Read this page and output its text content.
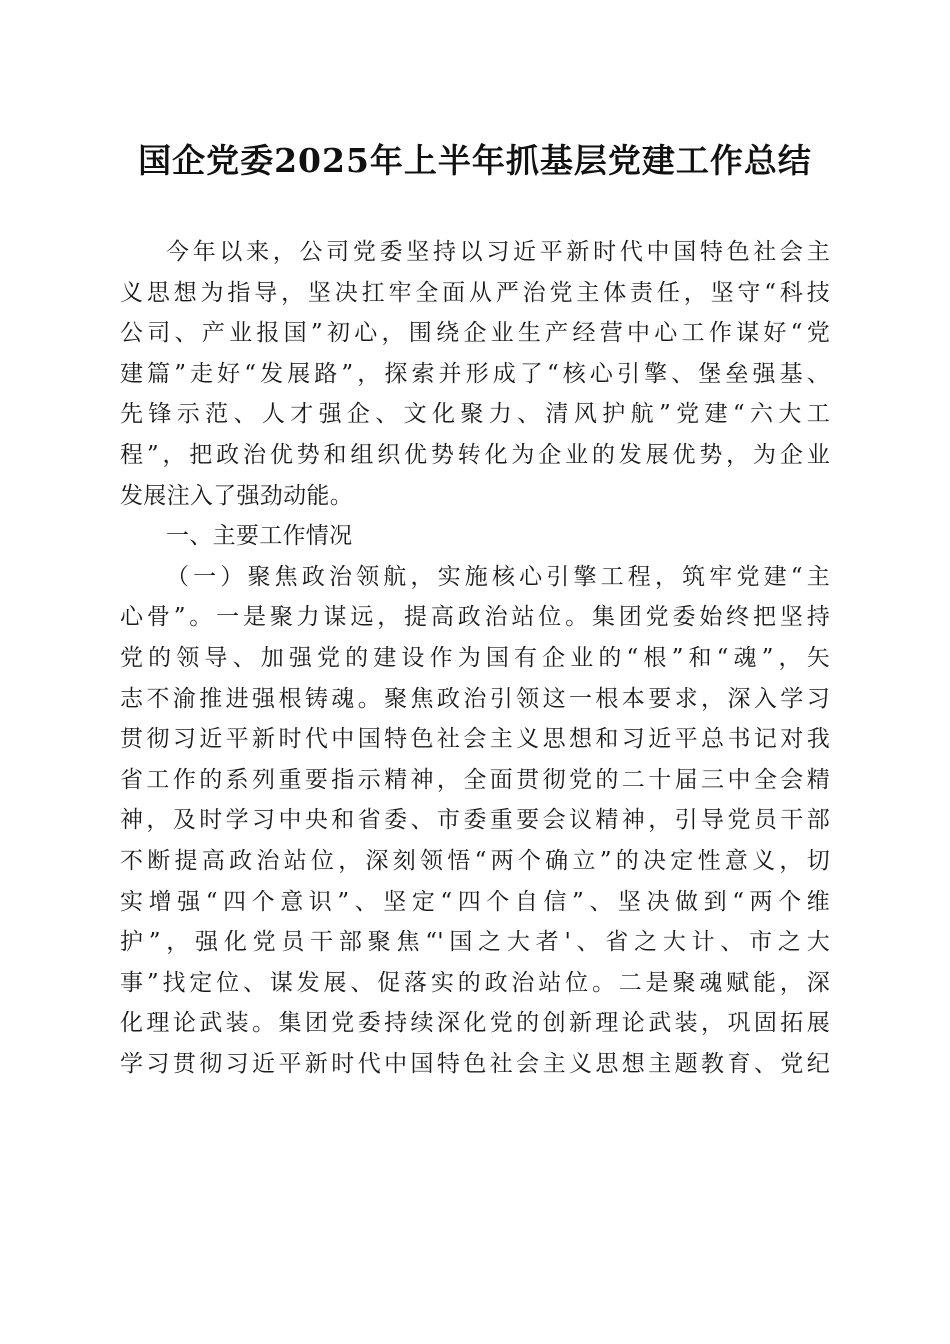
国企党委2025年上半年抓基层党建工作总结
今年以来，公司党委坚持以习近平新时代中国特色社会主
义思想为指导，坚决扛牢全面从严治党主体责任，坚守“科技
公司、产业报国”初心，围绕企业生产经营中心工作谋好“党
建篇”走好“发展路”，探索并形成了“核心引擎、堡垒强基、
先锋示范、人才强企、文化聚力、清风护航”党建“六大工
程”，把政治优势和组织优势转化为企业的发展优势，为企业
发展注入了强劲动能。
一、主要工作情况
（一）聚焦政治领航，实施核心引擎工程，筑牢党建“主
心骨”。一是聚力谋远，提高政治站位。集团党委始终把坚持
党的领导、加强党的建设作为国有企业的“根”和“魂”，矢
志不渝推进强根铸魂。聚焦政治引领这一根本要求，深入学习
贯彻习近平新时代中国特色社会主义思想和习近平总书记对我
省工作的系列重要指示精神，全面贯彻党的二十届三中全会精
神，及时学习中央和省委、市委重要会议精神，引导党员干部
不断提高政治站位，深刻领悟“两个确立”的决定性意义，切
实增强“四个意识”、坚定“四个自信”、坚决做到“两个维
护”，强化党员干部聚焦“'国之大者'、省之大计、市之大
事”找定位、谋发展、促落实的政治站位。二是聚魂赋能，深
化理论武装。集团党委持续深化党的创新理论武装，巩固拓展
学习贯彻习近平新时代中国特色社会主义思想主题教育、党纪
